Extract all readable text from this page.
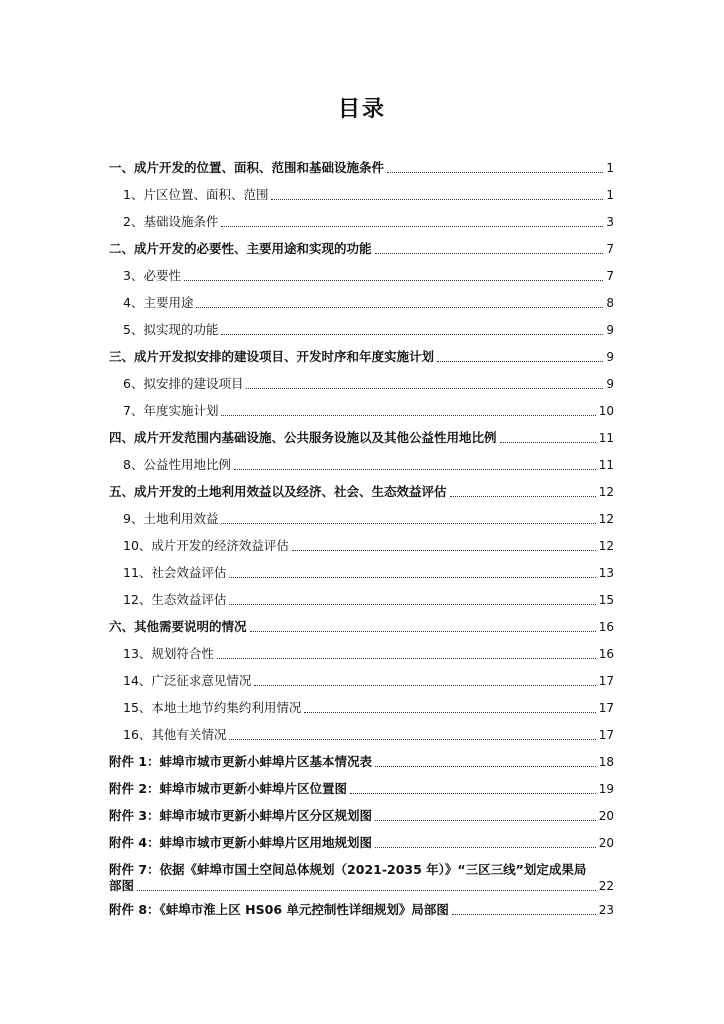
目录
一、成片开发的位置、面积、范围和基础设施条件	1
1、片区位置、面积、范围	1
2、基础设施条件	3
二、成片开发的必要性、主要用途和实现的功能	7
3、必要性	7
4、主要用途	8
5、拟实现的功能	9
三、成片开发拟安排的建设项目、开发时序和年度实施计划	9
6、拟安排的建设项目	9
7、年度实施计划	10
四、成片开发范围内基础设施、公共服务设施以及其他公益性用地比例	11
8、公益性用地比例	11
五、成片开发的土地利用效益以及经济、社会、生态效益评估	12
9、土地利用效益	12
10、成片开发的经济效益评估	12
11、社会效益评估	13
12、生态效益评估	15
六、其他需要说明的情况	16
13、规划符合性	16
14、广泛征求意见情况	17
15、本地土地节约集约利用情况	17
16、其他有关情况	17
附件 1：蚌埠市城市更新小蚌埠片区基本情况表	18
附件 2：蚌埠市城市更新小蚌埠片区位置图	19
附件 3：蚌埠市城市更新小蚌埠片区分区规划图	20
附件 4：蚌埠市城市更新小蚌埠片区用地规划图	20
附件 7：依据《蚌埠市国土空间总体规划（2021-2035 年）》“三区三线”划定成果局
部图	22
附件 8：《蚌埠市淮上区 HS06 单元控制性详细规划》局部图	23
